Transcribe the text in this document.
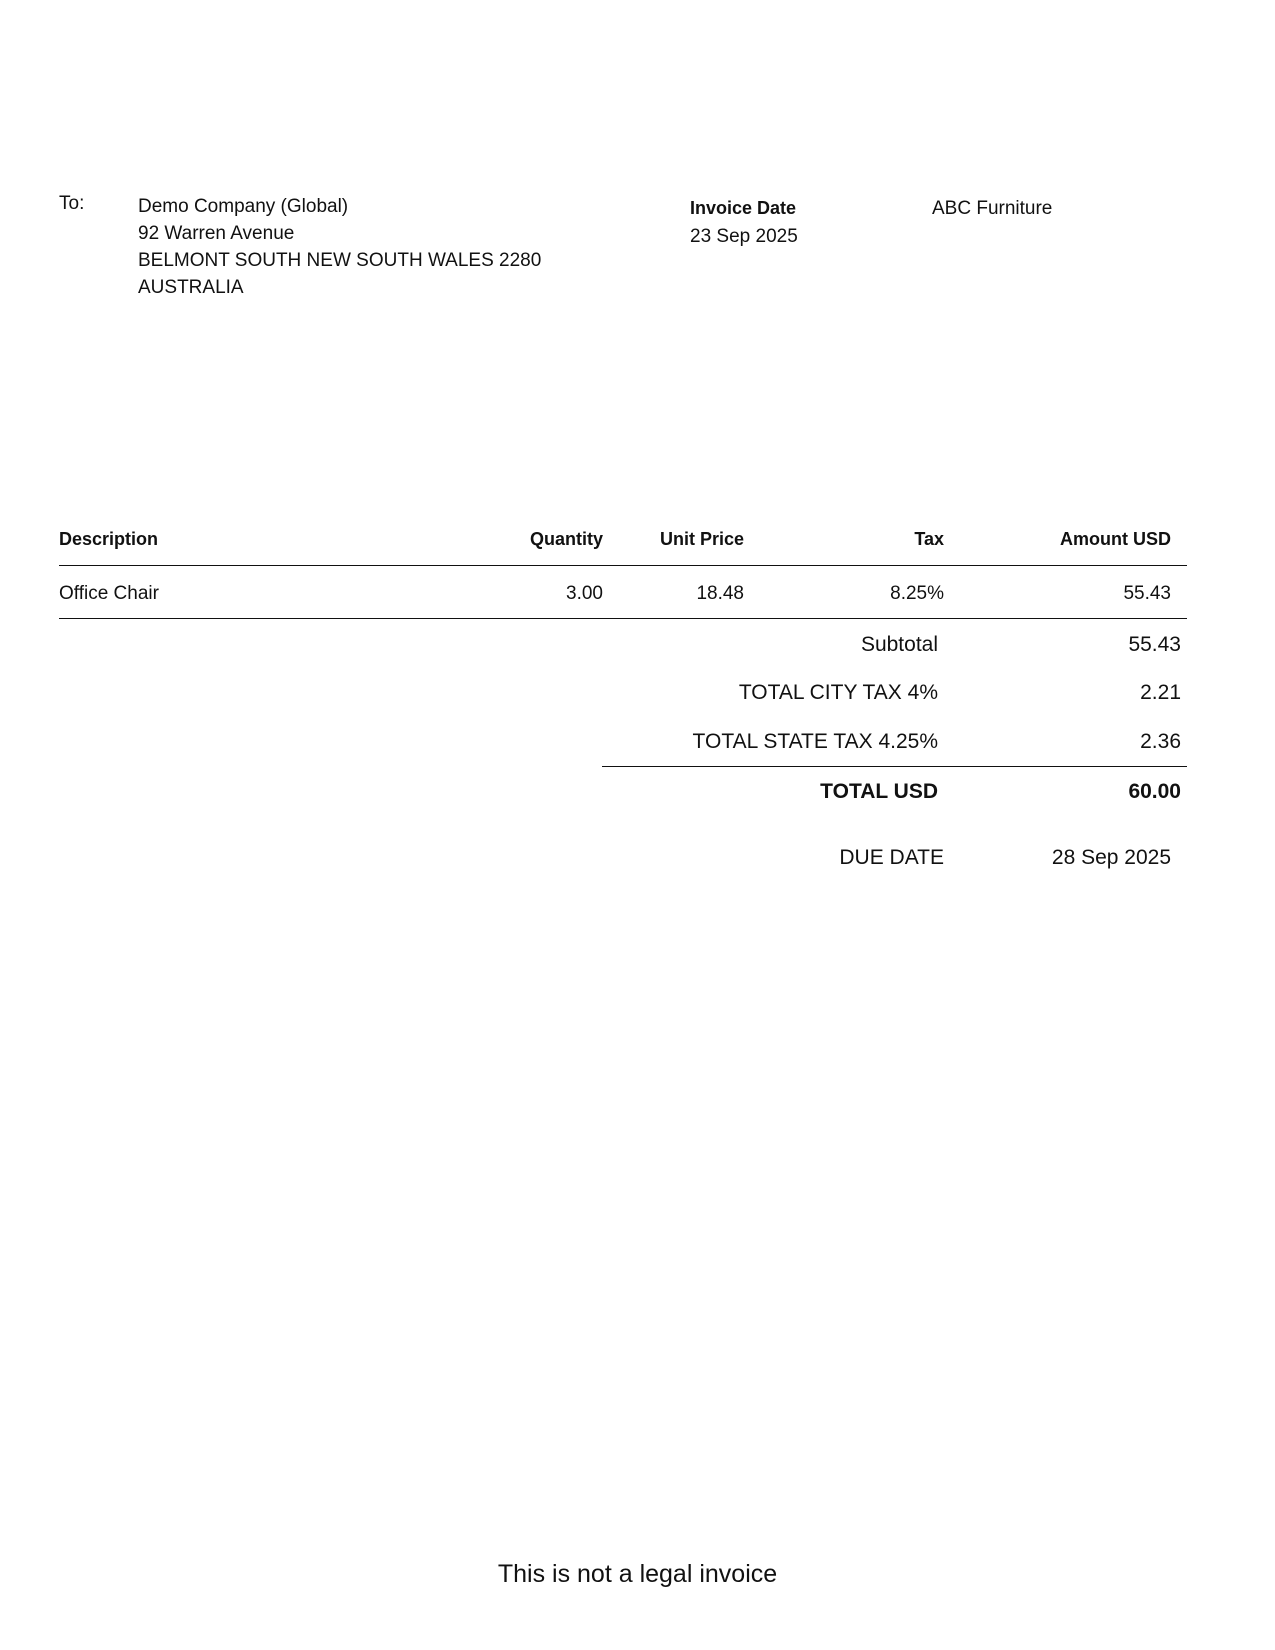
To:	Demo Company (Global)
92 Warren Avenue
BELMONT SOUTH NEW SOUTH WALES 2280
AUSTRALIA
Invoice Date
23 Sep 2025
ABC Furniture
Description	Quantity	Unit Price	Tax	Amount USD
Office Chair	3.00	18.48	8.25%	55.43
Subtotal	55.43
TOTAL CITY TAX 4%	2.21
TOTAL STATE TAX 4.25%	2.36
TOTAL USD	60.00
DUE DATE	28 Sep 2025
This is not a legal invoice
